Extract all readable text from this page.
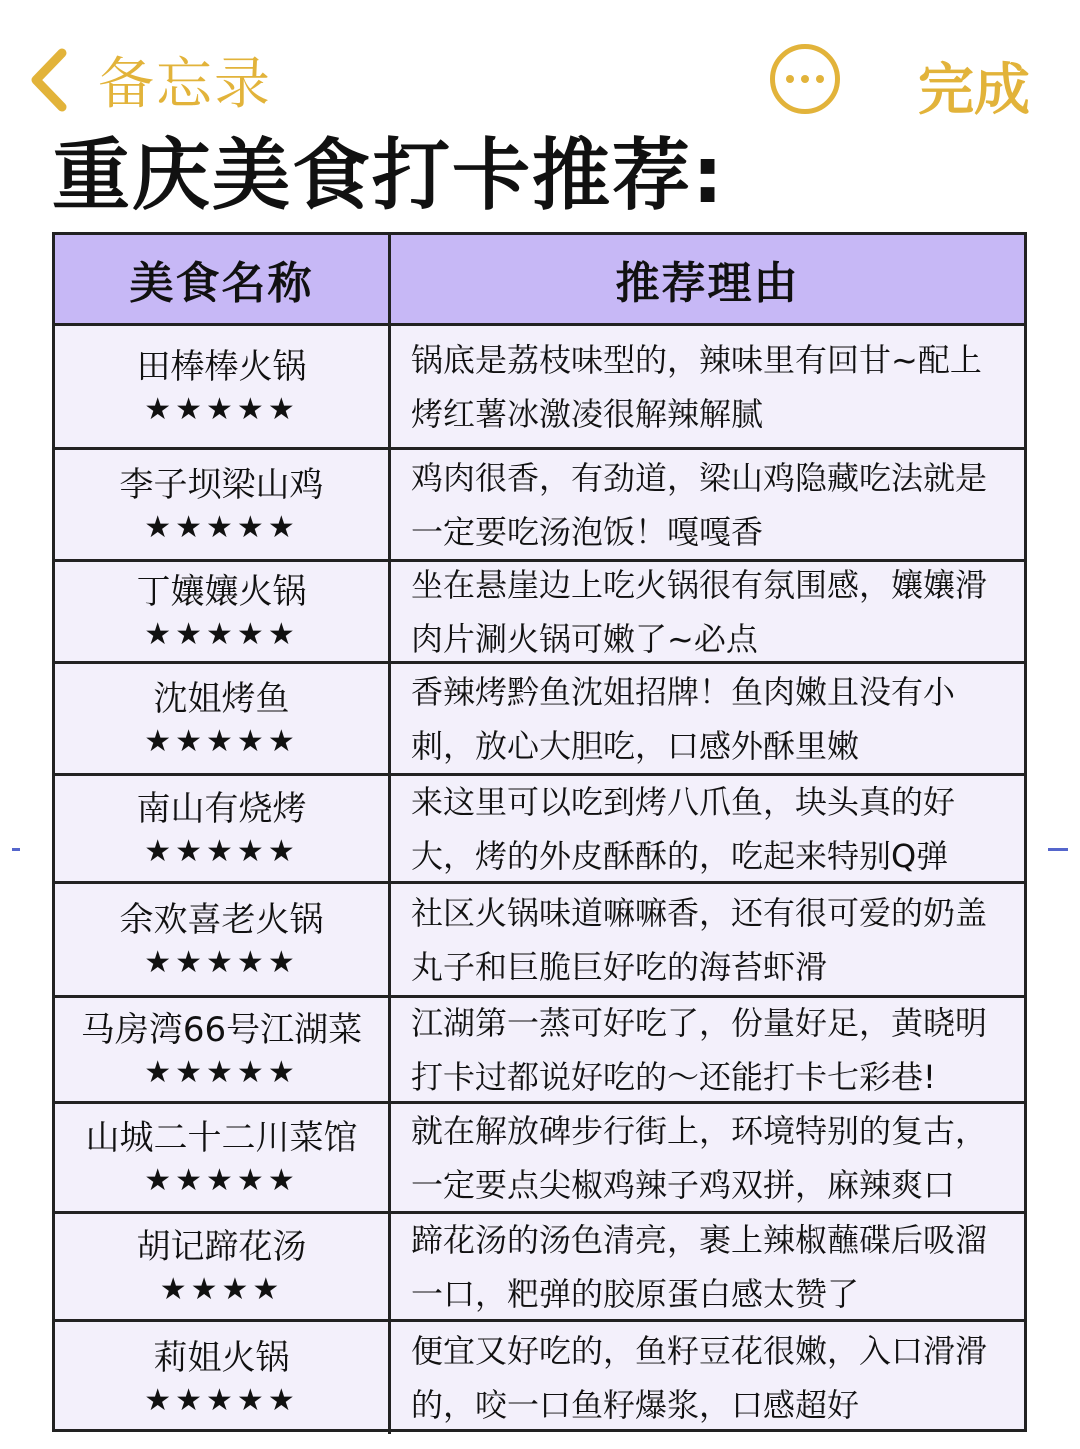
备忘录	完成
重庆美食打卡推荐:
美食名称	推荐理由
田棒棒火锅
★★★★★
锅底是荔枝味型的，辣味里有回甘~配上烤红薯冰激凌很解辣解腻
李子坝梁山鸡
★★★★★
鸡肉很香，有劲道，梁山鸡隐藏吃法就是一定要吃汤泡饭！嘎嘎香
丁孃孃火锅
★★★★★
坐在悬崖边上吃火锅很有氛围感，孃孃滑肉片涮火锅可嫩了~必点
沈姐烤鱼
★★★★★
香辣烤黔鱼沈姐招牌！鱼肉嫩且没有小刺，放心大胆吃，口感外酥里嫩
南山有烧烤
★★★★★
来这里可以吃到烤八爪鱼，块头真的好大，烤的外皮酥酥的，吃起来特别Q弹
余欢喜老火锅
★★★★★
社区火锅味道嘛嘛香，还有很可爱的奶盖丸子和巨脆巨好吃的海苔虾滑
马房湾66号江湖菜
★★★★★
江湖第一蒸可好吃了，份量好足，黄晓明打卡过都说好吃的～还能打卡七彩巷!
山城二十二川菜馆
★★★★★
就在解放碑步行街上，环境特别的复古，一定要点尖椒鸡辣子鸡双拼，麻辣爽口
胡记蹄花汤
★★★★
蹄花汤的汤色清亮，裹上辣椒蘸碟后吸溜一口，粑弹的胶原蛋白感太赞了
莉姐火锅
★★★★★
便宜又好吃的，鱼籽豆花很嫩，入口滑滑的，咬一口鱼籽爆浆，口感超好
